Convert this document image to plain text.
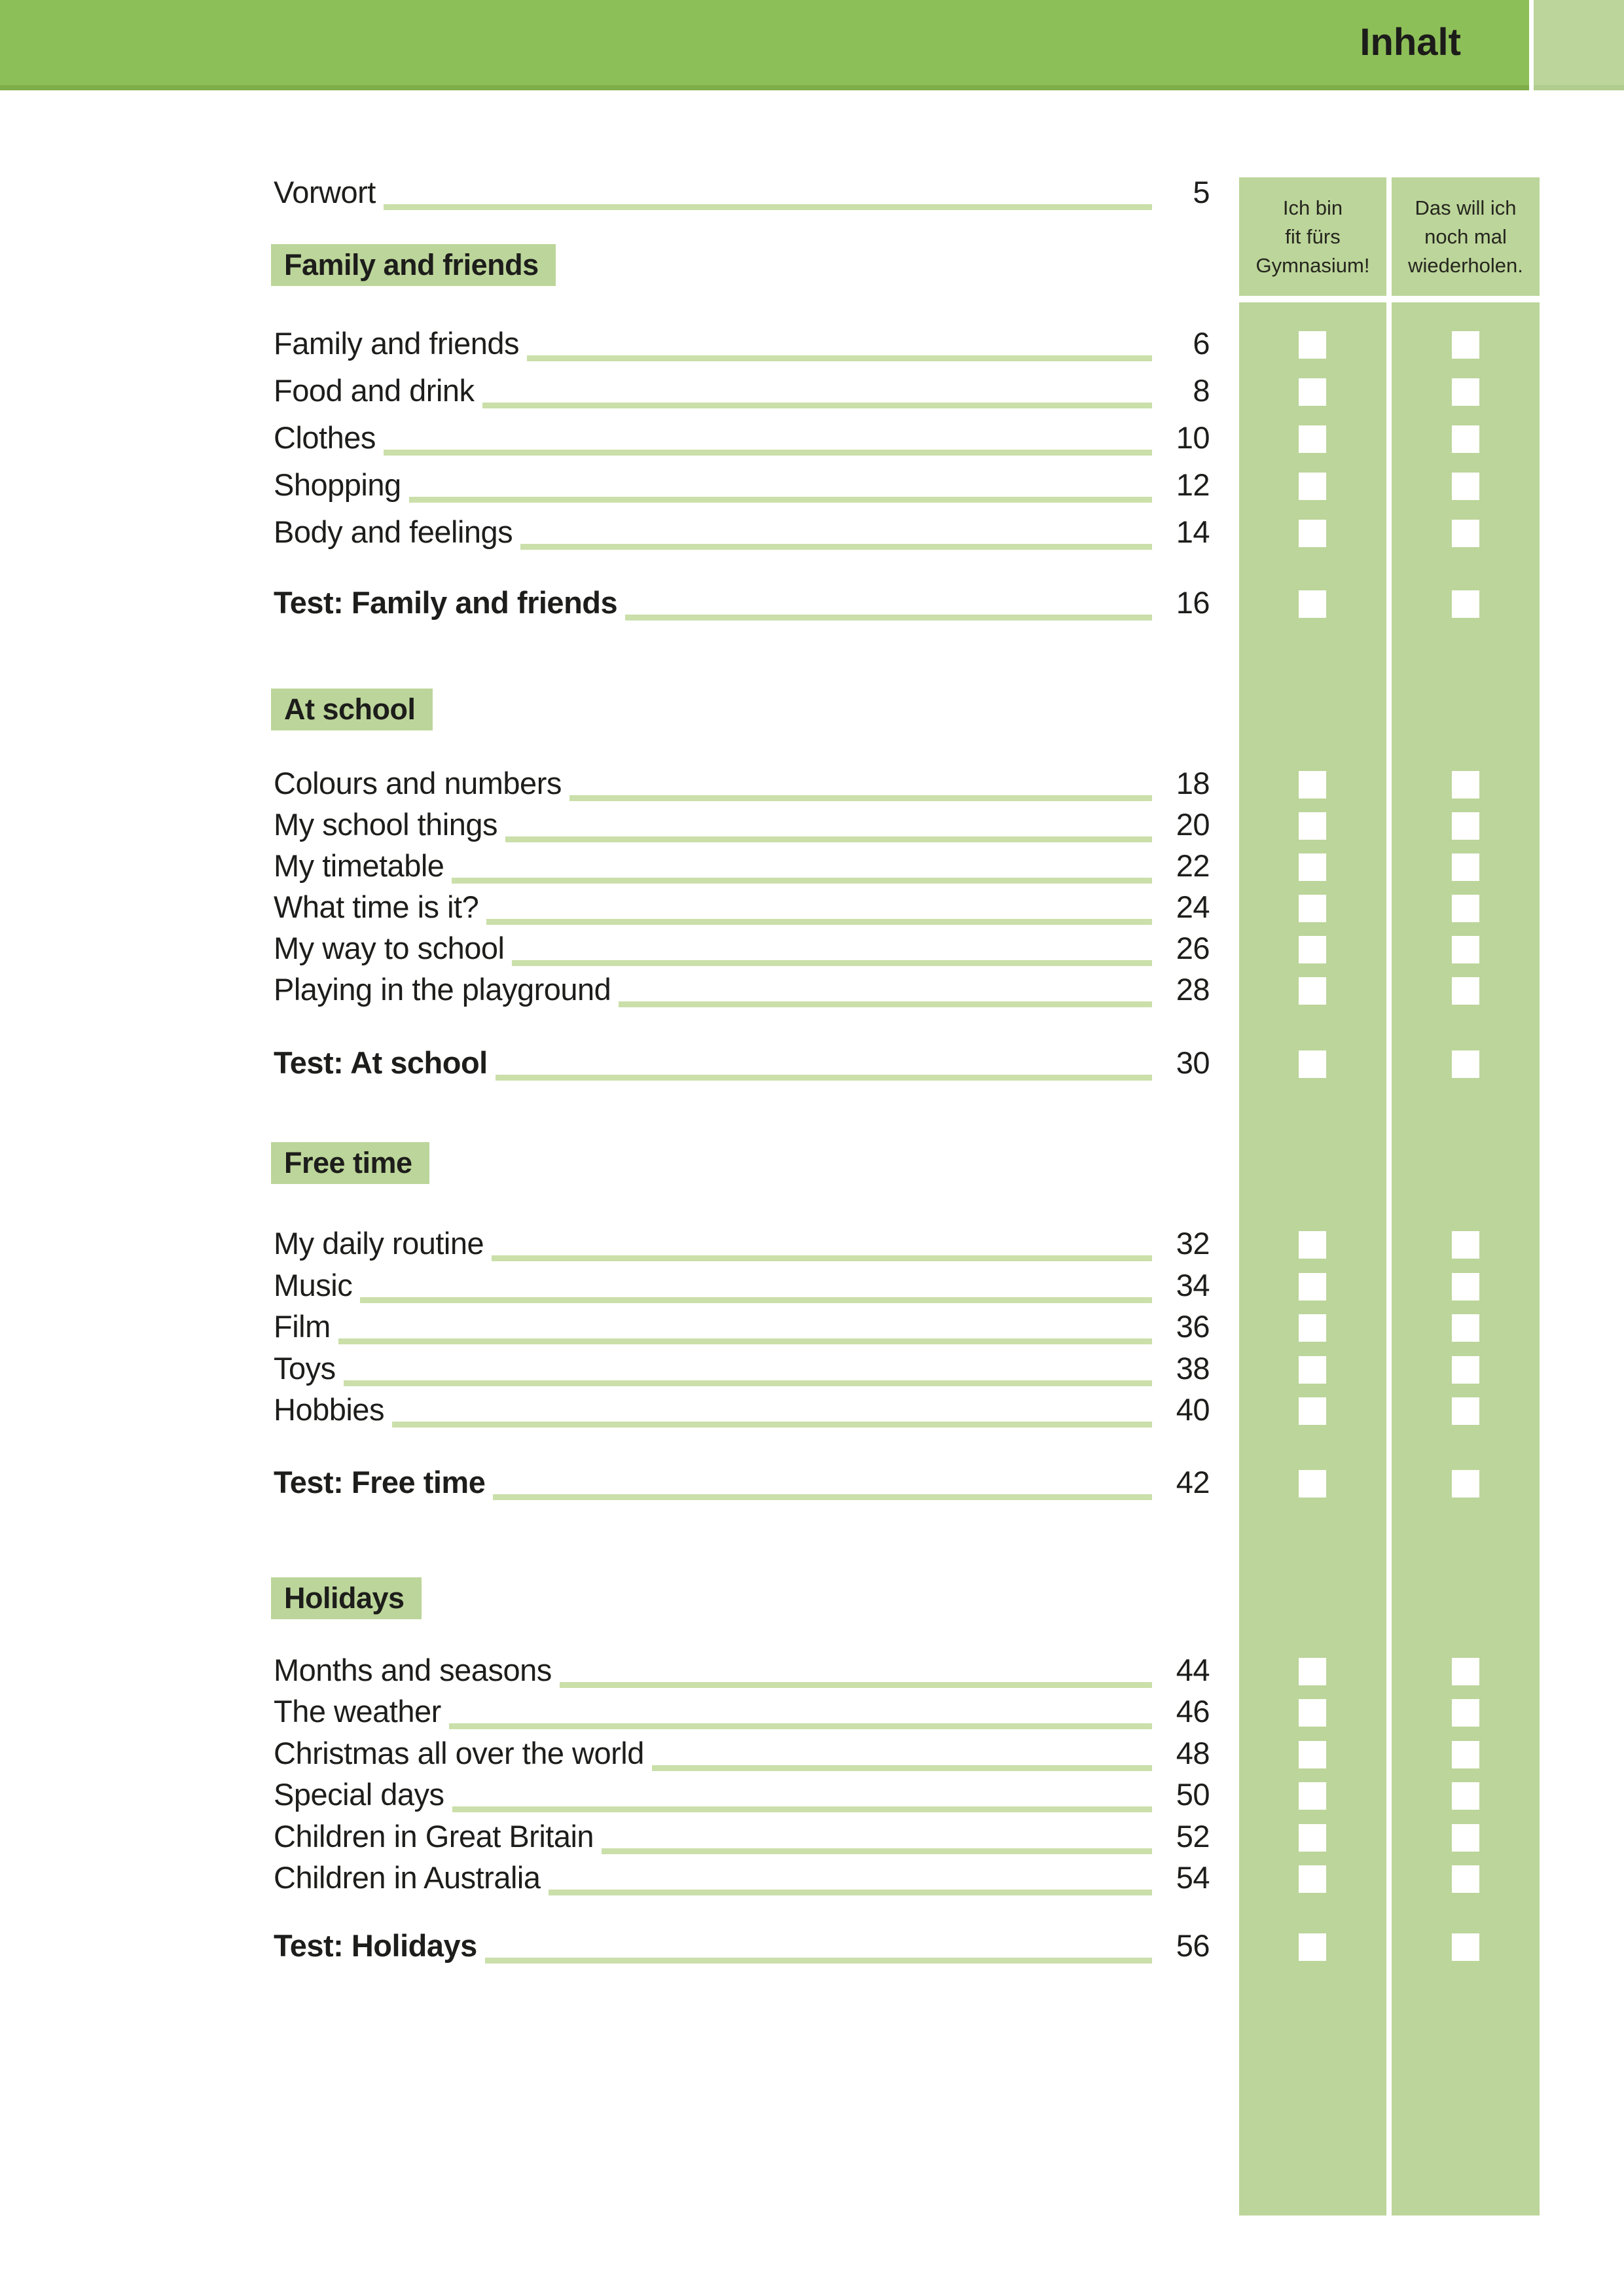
Inhalt
Ich bin
fit fürs
Gymnasium!
Das will ich
noch mal
wiederholen.
Vorwort	5
Family and friends
Family and friends	6
Food and drink	8
Clothes	10
Shopping	12
Body and feelings	14
Test: Family and friends	16
At school
Colours and numbers	18
My school things	20
My timetable	22
What time is it?	24
My way to school	26
Playing in the playground	28
Test: At school	30
Free time
My daily routine	32
Music	34
Film	36
Toys	38
Hobbies	40
Test: Free time	42
Holidays
Months and seasons	44
The weather	46
Christmas all over the world	48
Special days	50
Children in Great Britain	52
Children in Australia	54
Test: Holidays	56
